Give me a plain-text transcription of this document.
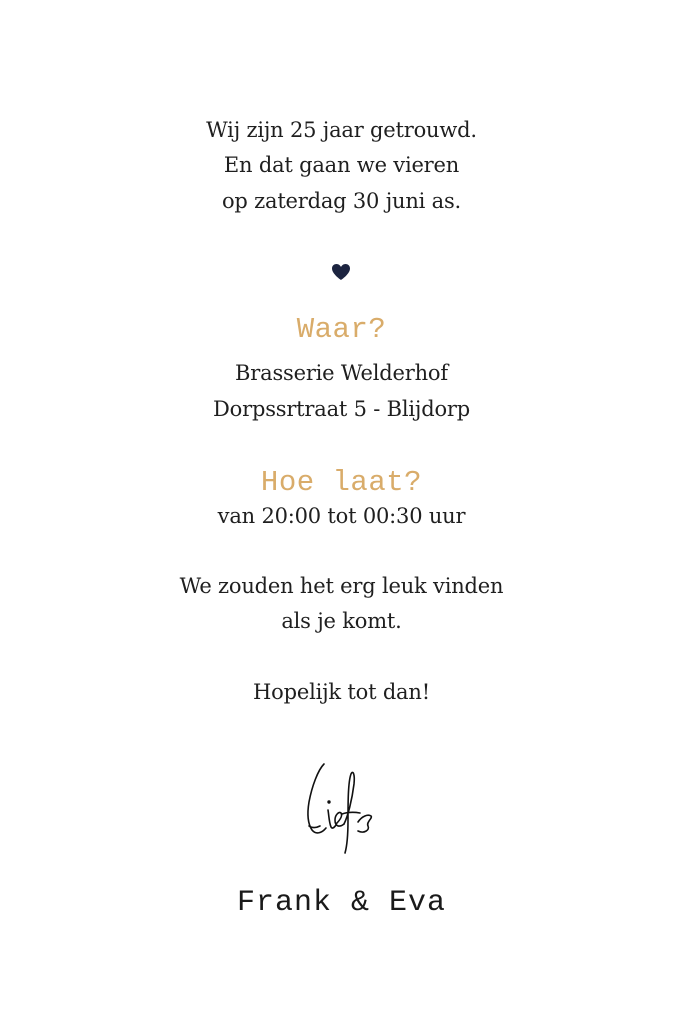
Wij zijn 25 jaar getrouwd.
En dat gaan we vieren
op zaterdag 30 juni as.
Waar?
Brasserie Welderhof
Dorpssrtraat 5 - Blijdorp
Hoe laat?
van 20:00 tot 00:30 uur
We zouden het erg leuk vinden
als je komt.
Hopelijk tot dan!
Frank & Eva
